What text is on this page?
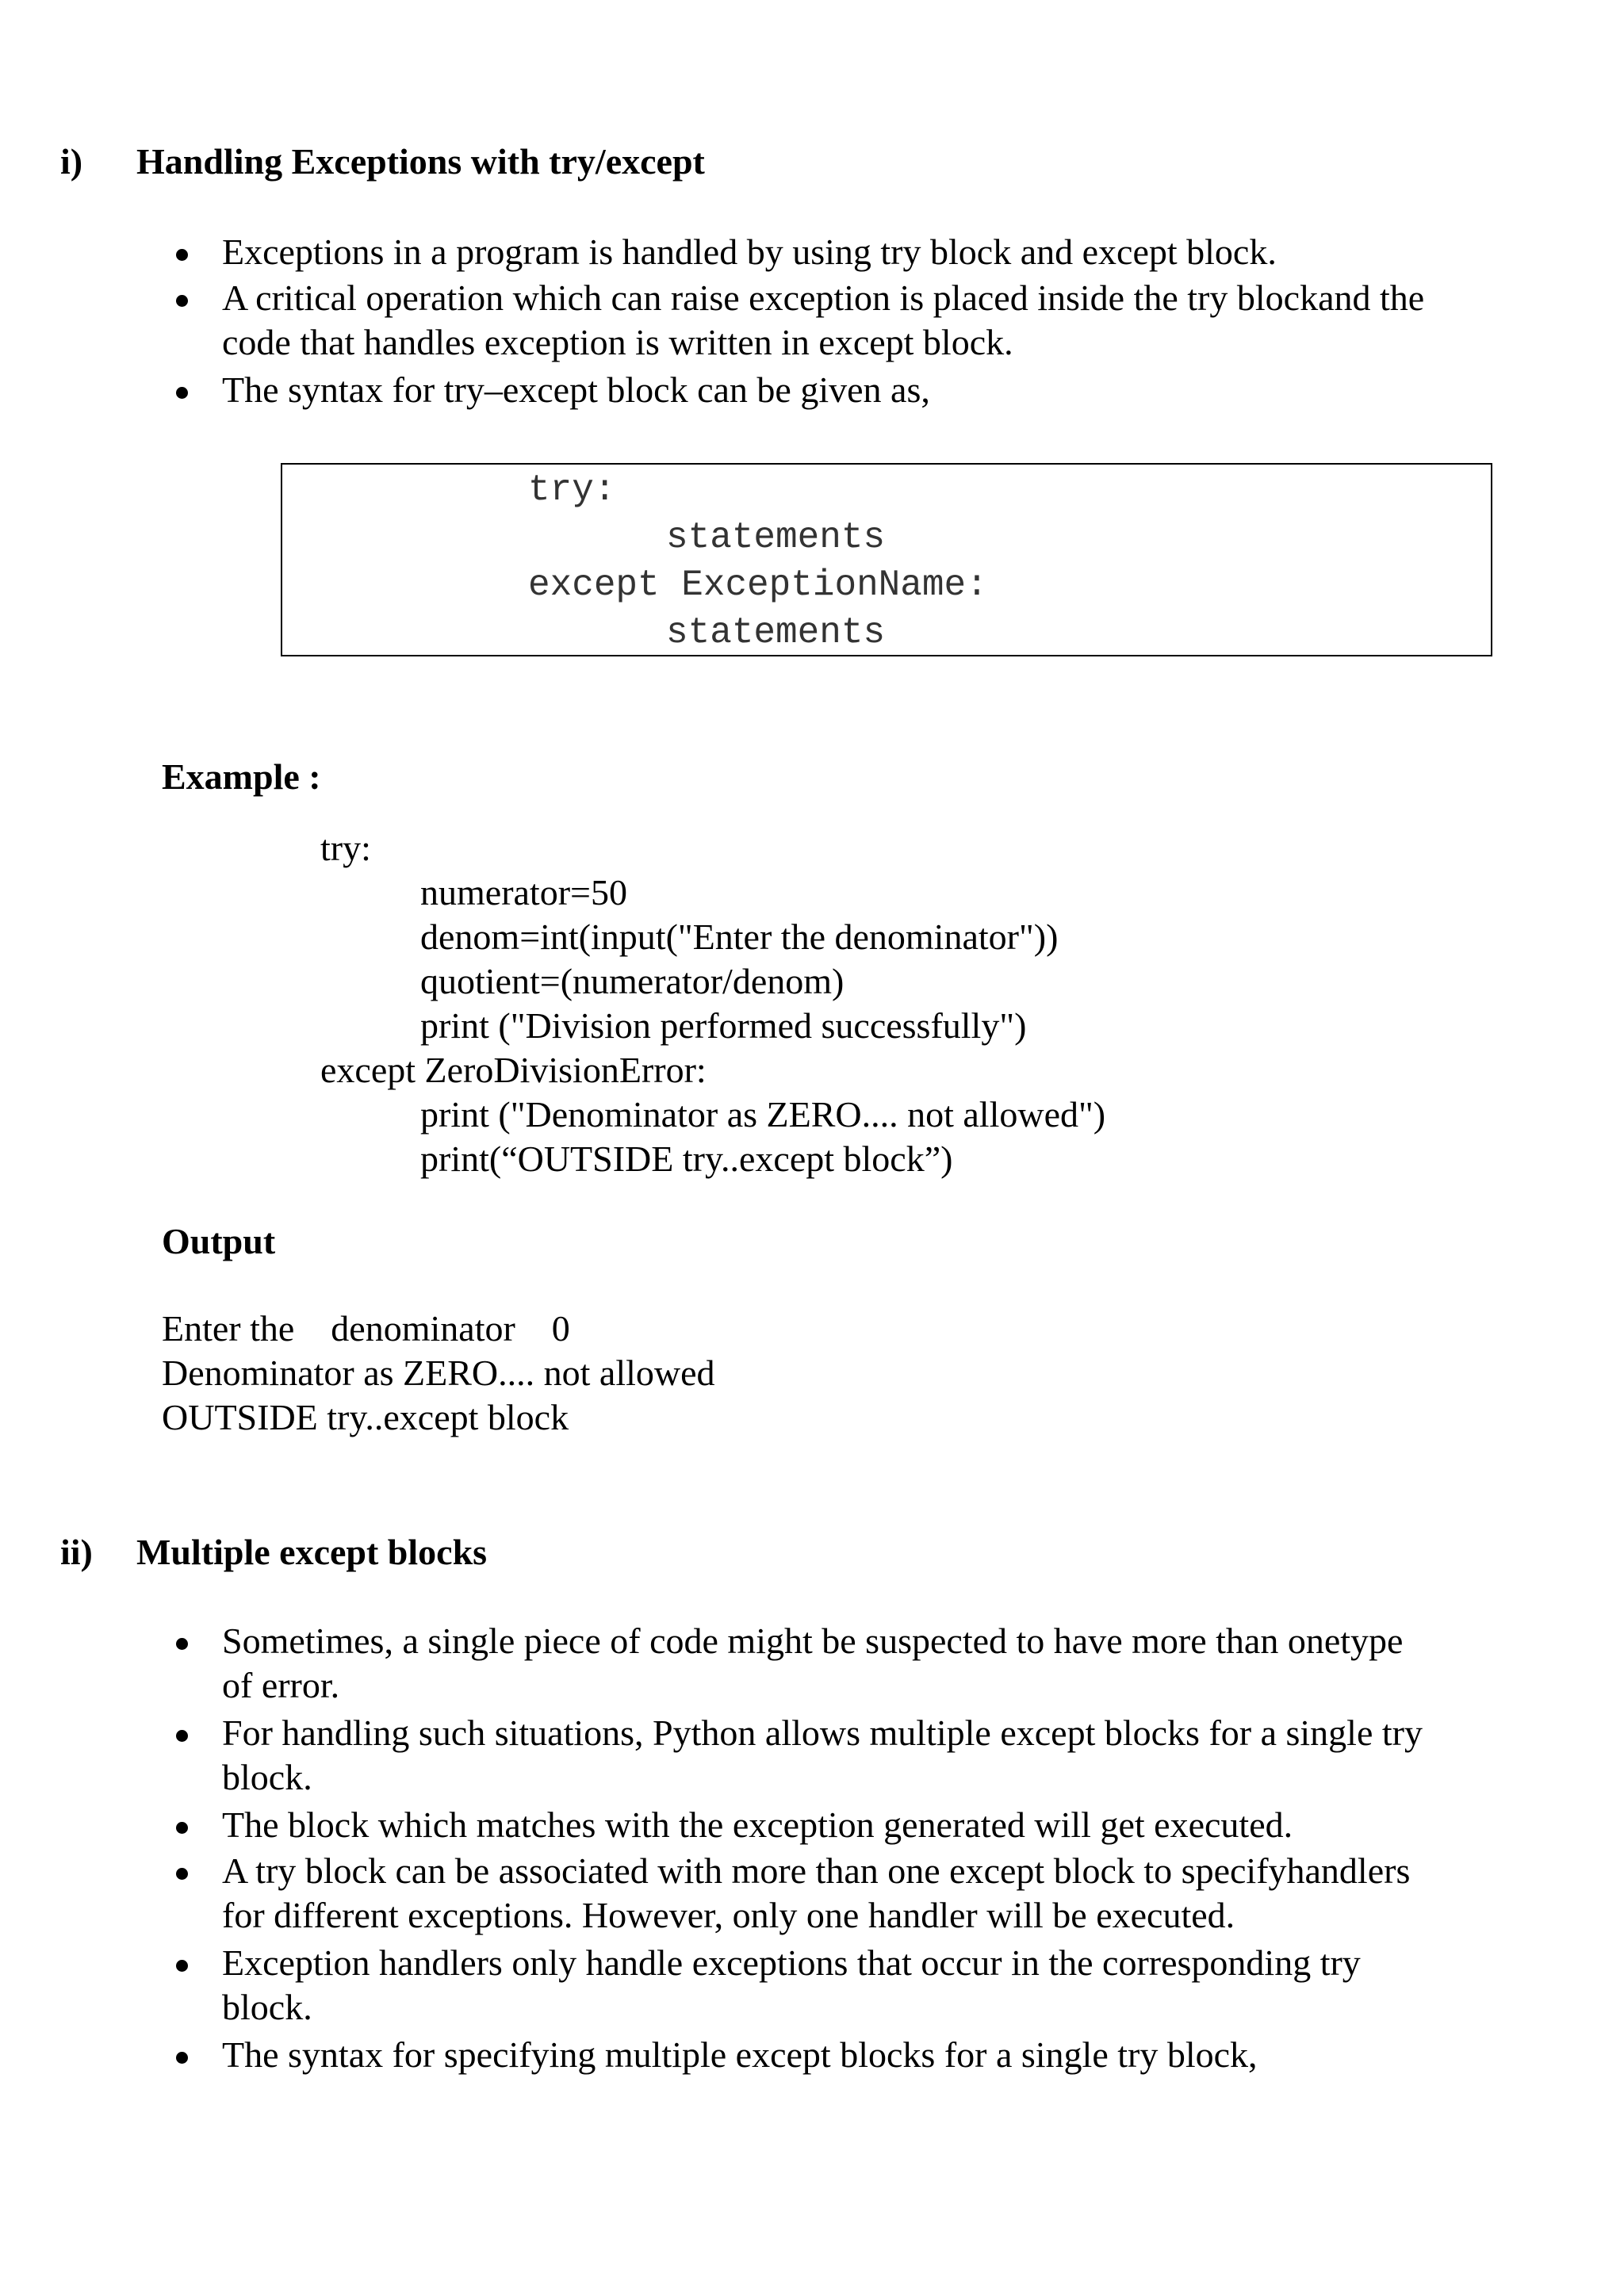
i) Handling Exceptions with try/except
Exceptions in a program is handled by using try block and except block.
A critical operation which can raise exception is placed inside the try blockand the
code that handles exception is written in except block.
The syntax for try–except block can be given as,
try:
statements
except ExceptionName:
statements
Example :
try:
numerator=50
denom=int(input("Enter the denominator"))
quotient=(numerator/denom)
print ("Division performed successfully")
except ZeroDivisionError:
print ("Denominator as ZERO.... not allowed")
print(“OUTSIDE try..except block”)
Output
Enter the denominator 0
Denominator as ZERO.... not allowed
OUTSIDE try..except block
ii) Multiple except blocks
Sometimes, a single piece of code might be suspected to have more than onetype
of error.
For handling such situations, Python allows multiple except blocks for a single try
block.
The block which matches with the exception generated will get executed.
A try block can be associated with more than one except block to specifyhandlers
for different exceptions. However, only one handler will be executed.
Exception handlers only handle exceptions that occur in the corresponding try
block.
The syntax for specifying multiple except blocks for a single try block,
